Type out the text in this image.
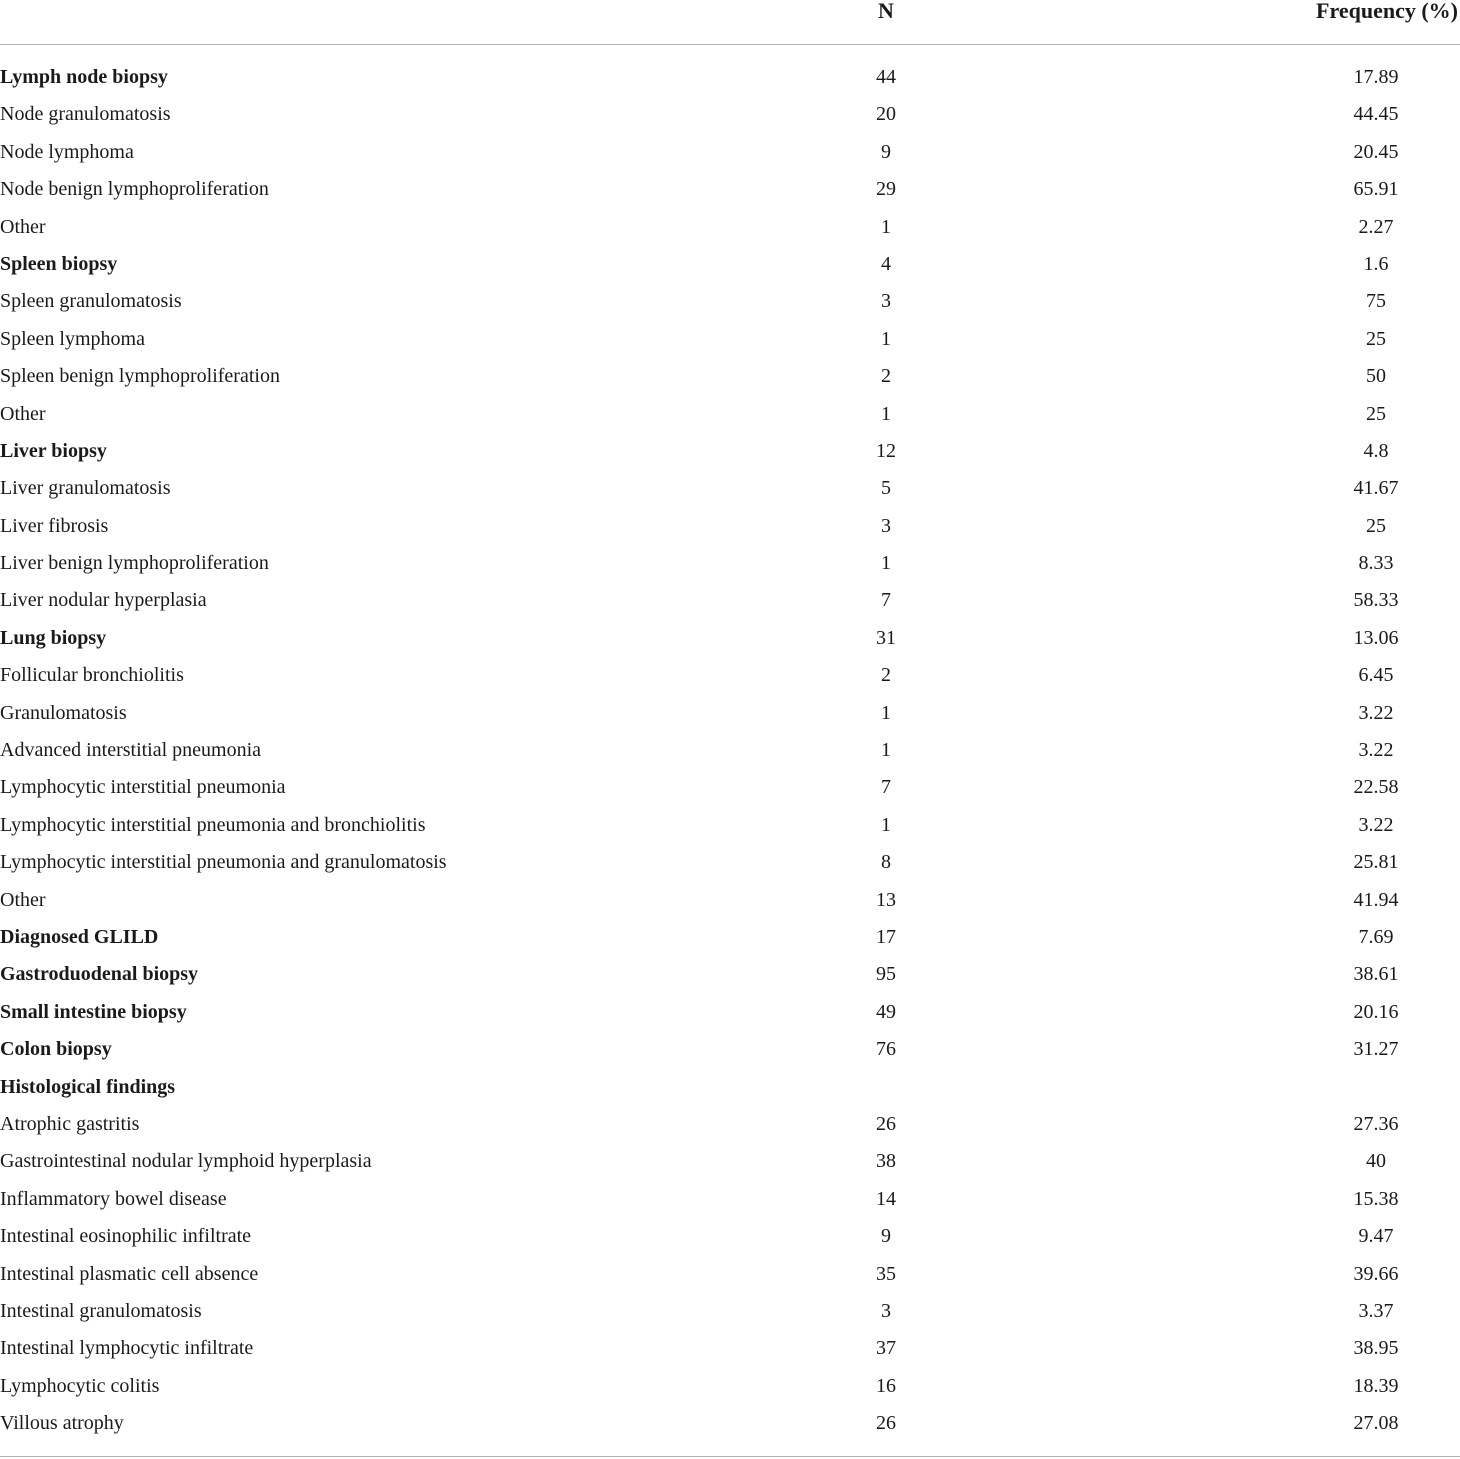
N	Frequency (%)
Lymph node biopsy	44	17.89
Node granulomatosis	20	44.45
Node lymphoma	9	20.45
Node benign lymphoproliferation	29	65.91
Other	1	2.27
Spleen biopsy	4	1.6
Spleen granulomatosis	3	75
Spleen lymphoma	1	25
Spleen benign lymphoproliferation	2	50
Other	1	25
Liver biopsy	12	4.8
Liver granulomatosis	5	41.67
Liver fibrosis	3	25
Liver benign lymphoproliferation	1	8.33
Liver nodular hyperplasia	7	58.33
Lung biopsy	31	13.06
Follicular bronchiolitis	2	6.45
Granulomatosis	1	3.22
Advanced interstitial pneumonia	1	3.22
Lymphocytic interstitial pneumonia	7	22.58
Lymphocytic interstitial pneumonia and bronchiolitis	1	3.22
Lymphocytic interstitial pneumonia and granulomatosis	8	25.81
Other	13	41.94
Diagnosed GLILD	17	7.69
Gastroduodenal biopsy	95	38.61
Small intestine biopsy	49	20.16
Colon biopsy	76	31.27
Histological findings
Atrophic gastritis	26	27.36
Gastrointestinal nodular lymphoid hyperplasia	38	40
Inflammatory bowel disease	14	15.38
Intestinal eosinophilic infiltrate	9	9.47
Intestinal plasmatic cell absence	35	39.66
Intestinal granulomatosis	3	3.37
Intestinal lymphocytic infiltrate	37	38.95
Lymphocytic colitis	16	18.39
Villous atrophy	26	27.08
